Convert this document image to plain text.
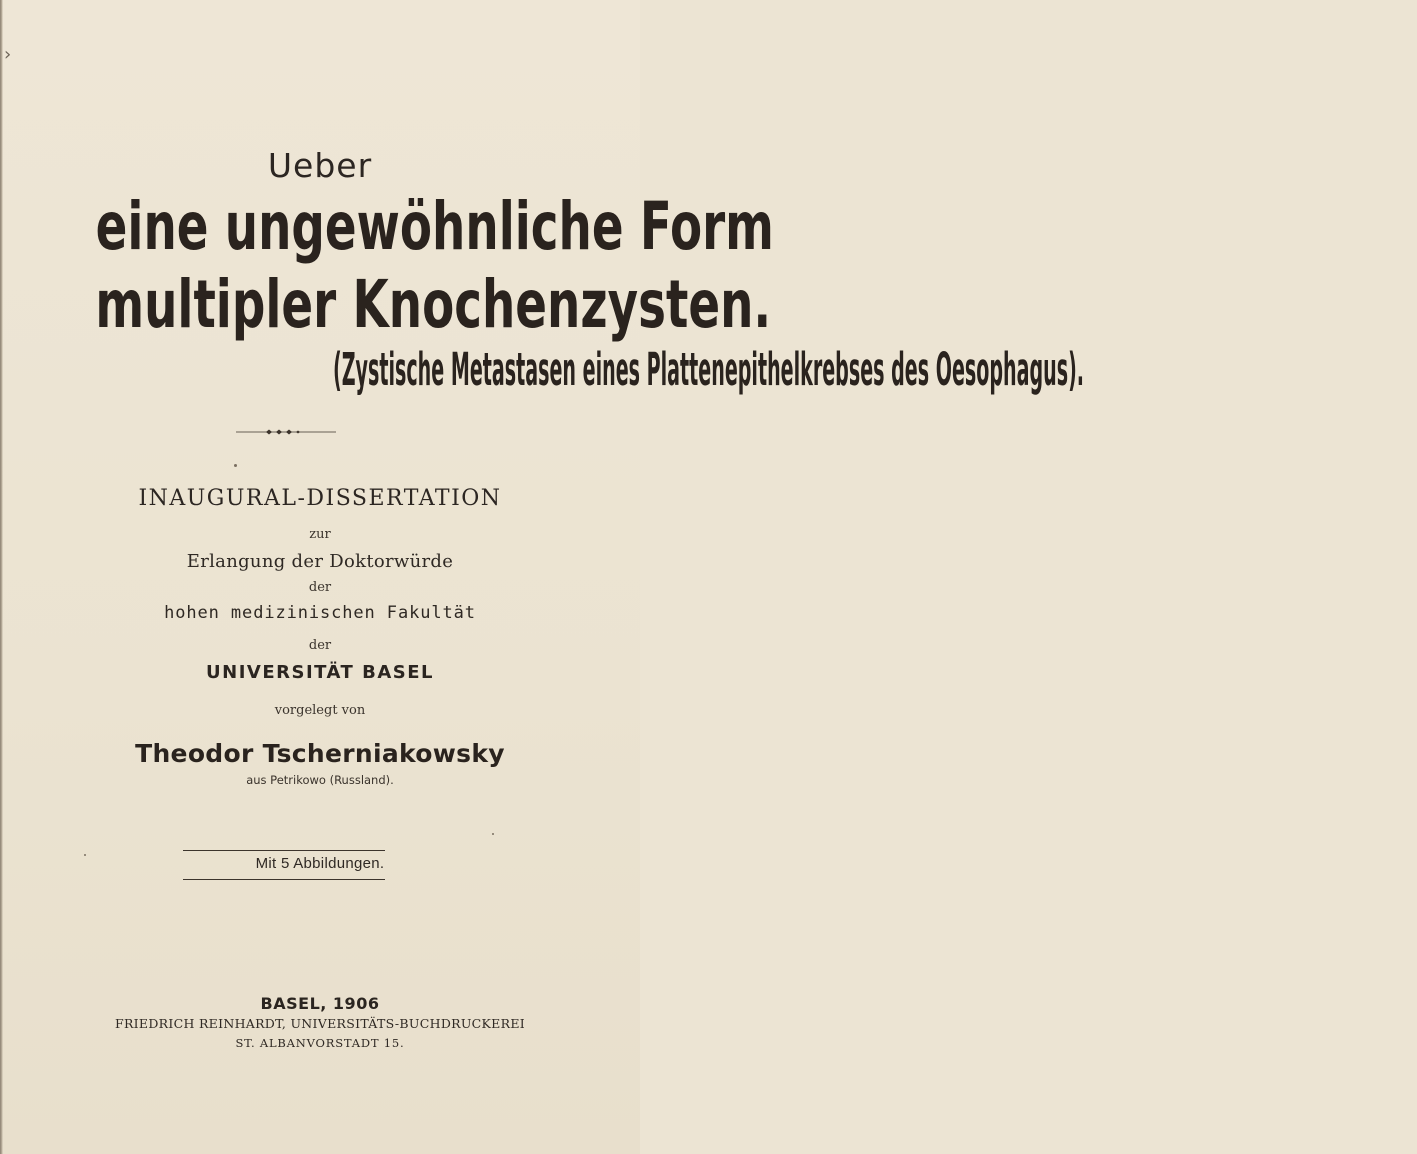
›
Ueber
eine ungewöhnliche Form
multipler Knochenzysten.
(Zystische Metastasen eines Plattenepithelkrebses des Oesophagus).
INAUGURAL-DISSERTATION
zur
Erlangung der Doktorwürde
der
hohen medizinischen Fakultät
der
UNIVERSITÄT BASEL
vorgelegt von
Theodor Tscherniakowsky
aus Petrikowo (Russland).
Mit 5 Abbildungen.
BASEL, 1906
FRIEDRICH REINHARDT, UNIVERSITÄTS-BUCHDRUCKEREI
ST. ALBANVORSTADT 15.
